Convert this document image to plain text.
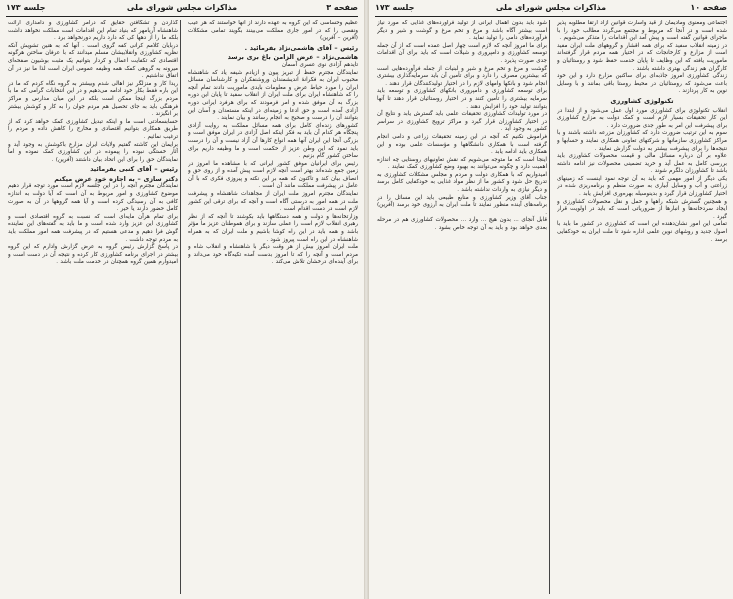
صفحه ۳
مذاکرات مجلس شورای ملی
جلسه ۱۷۳

عظیم وحساسی که این گروه به عهده دارند از آنها خواستند که هر عیب ونقصی را که در امور جاری مملکت می‌بینند بگویند تمامی مشکلات (آفرین – آفرین)

رئیس – آقای هاشمی‌نژاد بفرمائید .
هاشمی‌نژاد – عرض الزامن باغ بری برسد

تایدهم آزادی نوی عسری آسمان

نمایندگان مجترم حفظ از تبریز پیون و ازیادم شیفه یاد که شاهنشاه محبوب ایران به فکرانهٔ اندیشمندان وروشنفکران و کارشناسان مسائل ایران را مورد حیاط عرض و معلومات بایدی ماموریت دادند تمام آنچه را که شاهنشاه ایران برای ملت ایران از انقلاب سفید تا پایان این دوره بزرگ به آن موفق شده و امر فرمودند که برای هرفرد ایرانی دوره آزادی آمده است و حق ادعا و زمینه‌ای در اینکه مستعدان و آسان این بتوانند آن را درست و صحیح به انجام رسانند و بیان نمایند .

کشورهای زنده‌ای کامل برای همه مسائل مملکت به روایت آزادی پنجگاه هر کدام آن باید به فکر اینکه اصل آزادی در ایران موفق است و بزرگی آنجا این ایران آنها همه انواع کارها آن آزاد نیست و آن را درست باید نمود که این وطن عزیز از حکمت است و ما وظیفه داریم برای ساختن کشور گام بزنیم .

رئیس برای ایرانیان موفق کشور ایرانی که با مشاهده ما امروز در زمین جمع شده‌اند بهتر است آنچه لازم است پیش آمده و از روی حق و انصاف بیان کند و تاکنون که همه بر این نکته و پیروزی فکری که با آن عامل در پیشرفت مملکت مانند آن است .

نمایندگان مجترم امروز ملت ایران از مجاهدات شاهنشاه و پیشرفت ملت در همه امور به درستی آگاه است و آنچه که برای ترقی این کشور لازم است در دست اقدام است .

وزارتخانه‌ها و دولت و همه دستگاهها باید بکوشند تا آنچه که از نظر رهبری انقلاب لازم است را عملی سازند و برای هموطنان عزیز ما مؤثر باشد و همه باید در این راه کوشا باشیم و ملت ایران که به همراه شاهنشاه در این راه است پیروز شود .

ملت ایران امروز بیش از هر وقت دیگر با شاهنشاه و انقلاب شاه و مردم است و آنچه را که تا امروز بدست آمده تکیه‌گاه خود می‌داند و برای آینده‌ای درخشان تلاش می‌کند .

گذاردن و تشکافتن حقایق که درامر کشاورزی و دامداری ارائت شاهنشاه آریامهر که بنیاد تمام این اقدامات است مملکت نخواهد داشت بلکه ما را از دهها کی که دارد داریم دورنخواهد برد .

دربایان کلامم کرانی کفه گروی است . آنها که به هنین تشویش آنکه نظریه کشاورزی وانقلابیشان مسلم میدانند که با عرفان ساختن هرگونه اقتصادی که تکفایت اعمال و کردار بتوانیم یک مثبت بوشیون صفحه‌ای میرونه به گروهی کمک همه وظیفه عمومی ایران است لذا ما نیز در آن اتفاق نداشتیم .

ریدا کار و منزلگر نیز اهالی شدم وبیشتر به گروه نگاه کردم که ما در این باره فقط بکار خود ادامه می‌دهیم و در این انتخابات گرامی که ما با مردم بزرگ اینجا ممکن است بلکه در این میان مدارس و مراکز فرهنگی باید به جای تحصیل هم مردم جوان را به کار و کوشش بیشتر بر انگیزند .

حسابسعادتی است ما و اینکه تبدیل کشاورزی کمک خواهد کرد که از طریق همکاری بتوانیم اقتصادی و مخارج را کاهش داده و مردم را ترغیب نمائیم .

برایمان این کاشته گفتیم ولایات ایران مزارع باکوشش به وجود آید و آثار خستگی نبوده را پیموده در این کشاورزی کمک نموده و اما نمایندگان حق را برای این اتحاد بیان داشتند (آفرین) .

رئیس – آقای کنبی بفرمائید
دکتر سازی – به اجازه خود عرض میکنم

نمایندگان مجترم آنچه را در این جلسه لازم است مورد توجه قرار دهیم موضوع کشاورزی و امور مربوط به آن است که آیا دولت به اندازه کافی به آن رسیدگی کرده است و آیا همه گروهها در آن به صورت کامل حضور دارند یا خیر .

برای تمام هرآن مایه‌ای است که نسبت به گروه اقتصادی است و کشاورزی این عزیز وارد شده است و ما باید به گفته‌های این نماینده گوش فرا دهیم و مدعی هستیم که در پیشرفت همه امور مملکت باید به مردم توجه داشت .

در پاسخ گزارش رئیس گروه به عرض گزارش وادارم که این گروه بیشتر در اجرای برنامه کشاورزی کار کرده و نتیجه آن در دست است و امیدوارم همین گروه همچنان در خدمت ملت باشد .

صفحه ۱۰
مذاکرات مجلس شورای ملی
جلسه ۱۷۳

اجتماعی ومعنوی ومادیمان از قید واسارت قوانین آزاد ارتقا مطلوبه پذیر شده است و در آنجا که مربوط و مجتمع می‌گردد مطالب خود را با ماجرای قوانین گفته است و پیش آمد این اقدامات را متذکر می‌شویم .

در زمینه انقلاب سفید که برای همه اقشار و گروههای ملت ایران مفید است از مزارع و کارخانجات که در اختیار همه مردم قرار گرفته‌اند ماموریت یافته که این وظایف تا پایان خدمت حفظ شود و روستائیان و کارگران هم زندگی بهتری داشته باشند .

زندگی کشاورزی امروز جاذبه‌ای برای ساکنین مزارع دارد و این خود باعث می‌شود که روستائیان در محیط روستا باقی بمانند و با وسایل نوین به کار پردازند .

تکنولوژی کشاورزی

انقلاب تکنولوژی برای کشاورزی مورد اول عمل می‌شود و از ابتدا در این کار تحقیقات بسیار لازم است و کمک دولت به مزارع کشاورزی برای پیشرفت این امر به طور جدی ضرورت دارد .

سوم به این ترتیب ضرورت دارد که کشاورزان مزرعه داشته باشند و با مراکز کشاورزی سازمانها و شرکتهای تعاونی همکاری نمایند و حسابها و نتیجه‌ها را برای پیشرفت بیشتر به دولت گزارش نمایند .

علاوه بر آن درباره مسائل مالی و قیمت محصولات کشاورزی باید بررسی کامل به عمل آید و خرید تضمینی محصولات نیز ادامه داشته باشد تا کشاورزان دلگرم شوند .

یکی دیگر از امور مهمی که باید به آن توجه نمود اینست که زمینهای زراعتی و آب و وسایل آبیاری به صورت منظم و برنامه‌ریزی شده در اختیار کشاورزان قرار گیرد و بدینوسیله بهره‌وری افزایش یابد .

و همچنین گسترش شبکه راهها و حمل و نقل محصولات کشاورزی و ایجاد سردخانه‌ها و انبارها از ضروریاتی است که باید در اولویت قرار گیرد .

تمامی این امور نشان‌دهنده این است که کشاورزی در کشور ما باید با اصول جدید و روشهای نوین علمی اداره شود تا ملت ایران به خودکفایی برسد .

شود باید بدون اهمال ایرانی از تولید فرآورده‌های غذایی که مورد نیاز است بیشتر آگاه باشد و مرغ و تخم مرغ و گوشت و شیر و دیگر فرآورده‌های دامی را تولید نماید .

برای ما امروز آنچه که لازم است چهار اصل عمده است که از آن جمله توسعه کشاورزی و دامپروری و شیلات است که باید برای آن اقدامات جدی صورت پذیرد .

گوشت و مرغ و تخم مرغ و شیر و لبنیات از جمله فرآورده‌هایی است که بیشترین مصرف را دارد و برای تأمین آن باید سرمایه‌گذاری بیشتری انجام شود و بانکها وامهای لازم را در اختیار تولیدکنندگان قرار دهند .

برای توسعه کشاورزی و دامپروری بانکهای کشاورزی و توسعه باید سرمایه بیشتری را تأمین کنند و در اختیار روستائیان قرار دهند تا آنها بتوانند تولید خود را افزایش دهند .

در مورد تولیدات کشاورزی تحقیقات علمی باید گسترش یابد و نتایج آن در اختیار کشاورزان قرار گیرد و مراکز ترویج کشاورزی در سراسر کشور به وجود آید .

فراموش نکنیم که آنچه در این زمینه تحقیقات زراعی و دامی انجام گرفته است با همکاری دانشگاهها و مؤسسات علمی بوده و این همکاری باید ادامه یابد .

اینجا است که ما متوجه می‌شویم که نقش تعاونیهای روستایی چه اندازه اهمیت دارد و چگونه می‌توانند به بهبود وضع کشاورزی کمک نمایند .

امیدواریم که با همکاری دولت و مردم و مجلس مشکلات کشاورزی به تدریج حل شود و کشور ما از نظر مواد غذایی به خودکفایی کامل برسد و دیگر نیازی به واردات نداشته باشد .

جناب آقای وزیر کشاورزی و منابع طبیعی باید این مسائل را در برنامه‌های آینده منظور نمایند تا ملت ایران به آرزوی خود برسد (آفرین) .

قابل آنجای ... بدون هیچ ... وارد ... محصولات کشاورزی هم در مرحله بعدی خواهد بود و باید به آن توجه خاص بشود .
